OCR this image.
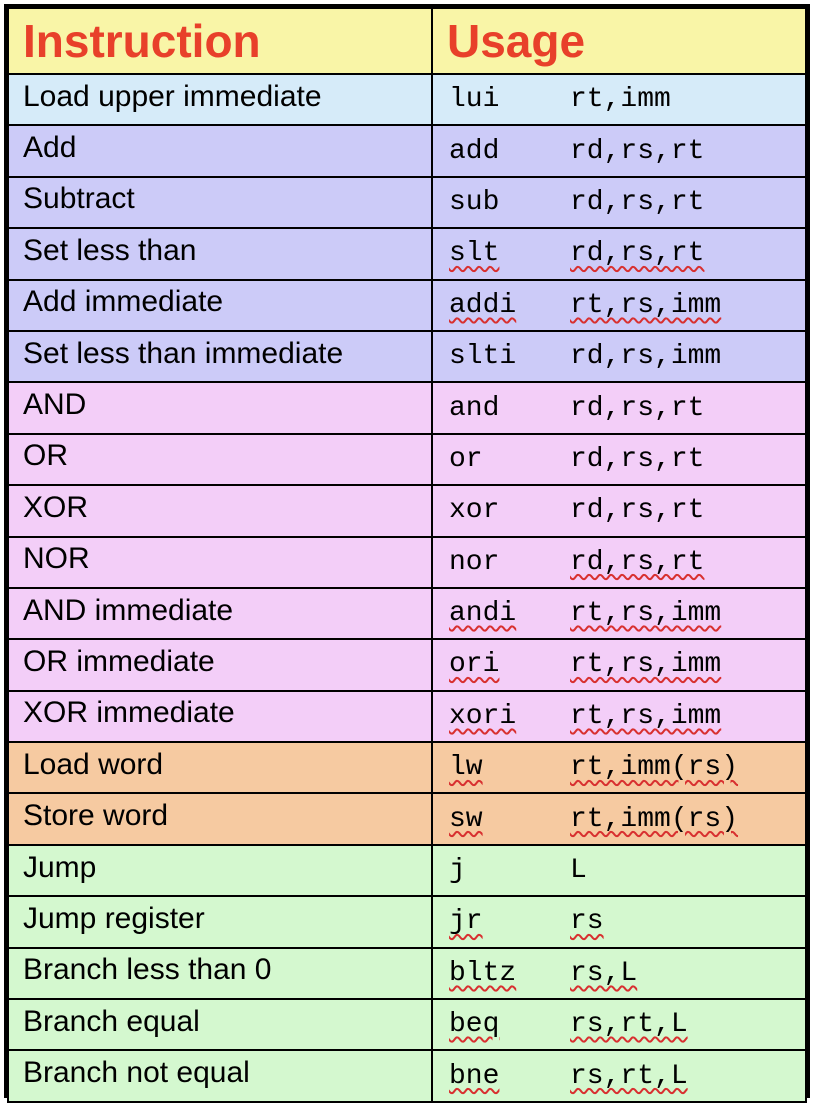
Instruction	Usage
Load upper immediate	lui rt,imm
Add	add rd,rs,rt
Subtract	sub rd,rs,rt
Set less than	slt rd,rs,rt
Add immediate	addi rt,rs,imm
Set less than immediate	slti rd,rs,imm
AND	and rd,rs,rt
OR	or rd,rs,rt
XOR	xor rd,rs,rt
NOR	nor rd,rs,rt
AND immediate	andi rt,rs,imm
OR immediate	ori rt,rs,imm
XOR immediate	xori rt,rs,imm
Load word	lw rt,imm(rs)
Store word	sw rt,imm(rs)
Jump	j L
Jump register	jr rs
Branch less than 0	bltz rs,L
Branch equal	beq rs,rt,L
Branch not equal	bne rs,rt,L
